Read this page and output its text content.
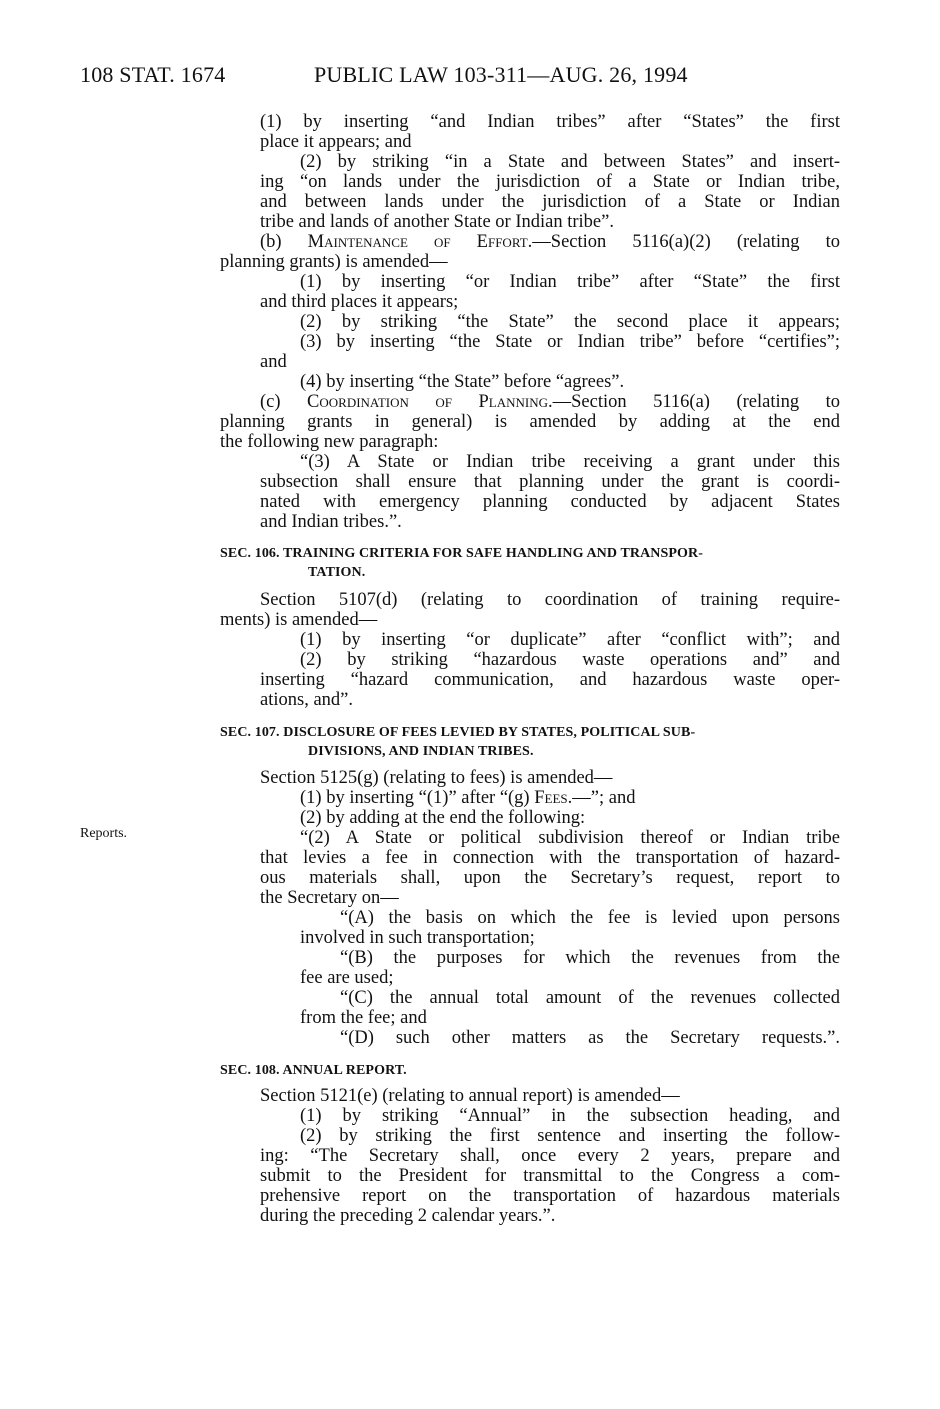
108 STAT. 1674	PUBLIC LAW 103-311—AUG. 26, 1994
Reports.
(1) by inserting “and Indian tribes” after “States” the first
place it appears; and
(2) by striking “in a State and between States” and insert-
ing “on lands under the jurisdiction of a State or Indian tribe,
and between lands under the jurisdiction of a State or Indian
tribe and lands of another State or Indian tribe”.
(b) Maintenance of Effort.—Section 5116(a)(2) (relating to
planning grants) is amended—
(1) by inserting “or Indian tribe” after “State” the first
and third places it appears;
(2) by striking “the State” the second place it appears;
(3) by inserting “the State or Indian tribe” before “certifies”;
and
(4) by inserting “the State” before “agrees”.
(c) Coordination of Planning.—Section 5116(a) (relating to
planning grants in general) is amended by adding at the end
the following new paragraph:
“(3) A State or Indian tribe receiving a grant under this
subsection shall ensure that planning under the grant is coordi-
nated with emergency planning conducted by adjacent States
and Indian tribes.”.
SEC. 106. TRAINING CRITERIA FOR SAFE HANDLING AND TRANSPOR-
TATION.
Section 5107(d) (relating to coordination of training require-
ments) is amended—
(1) by inserting “or duplicate” after “conflict with”; and
(2) by striking “hazardous waste operations and” and
inserting “hazard communication, and hazardous waste oper-
ations, and”.
SEC. 107. DISCLOSURE OF FEES LEVIED BY STATES, POLITICAL SUB-
DIVISIONS, AND INDIAN TRIBES.
Section 5125(g) (relating to fees) is amended—
(1) by inserting “(1)” after “(g) Fees.—”; and
(2) by adding at the end the following:
“(2) A State or political subdivision thereof or Indian tribe
that levies a fee in connection with the transportation of hazard-
ous materials shall, upon the Secretary’s request, report to
the Secretary on—
“(A) the basis on which the fee is levied upon persons
involved in such transportation;
“(B) the purposes for which the revenues from the
fee are used;
“(C) the annual total amount of the revenues collected
from the fee; and
“(D) such other matters as the Secretary requests.”.
SEC. 108. ANNUAL REPORT.
Section 5121(e) (relating to annual report) is amended—
(1) by striking “Annual” in the subsection heading, and
(2) by striking the first sentence and inserting the follow-
ing: “The Secretary shall, once every 2 years, prepare and
submit to the President for transmittal to the Congress a com-
prehensive report on the transportation of hazardous materials
during the preceding 2 calendar years.”.
